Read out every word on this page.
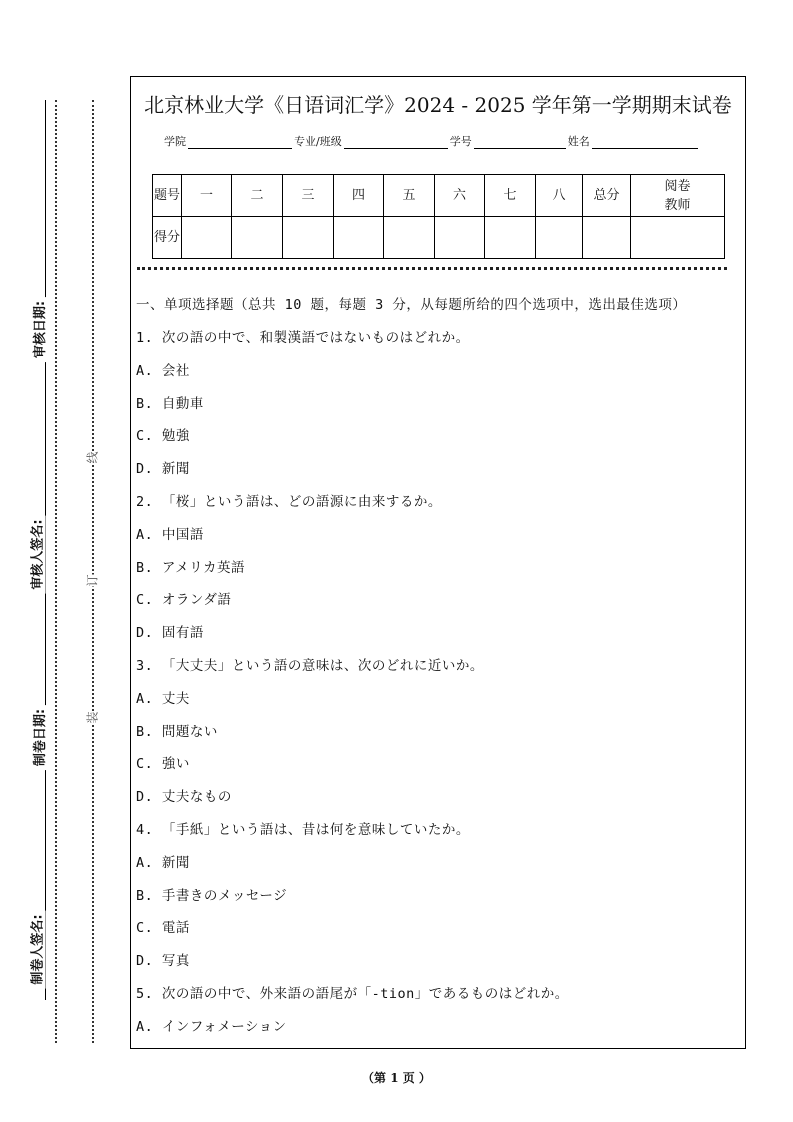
审核日期:
审核人签名:
制卷日期:
制卷人签名:
线
订
装
北京林业大学《日语词汇学》2024 - 2025 学年第一学期期末试卷
学院	专业/班级	学号	姓名
题号	一	二	三	四	五	六	七	八	总分	阅卷教师
得分										
一、单项选择题（总共 10 题，每题 3 分，从每题所给的四个选项中，选出最佳选项）
1. 次の語の中で、和製漢語ではないものはどれか。
A. 会社
B. 自動車
C. 勉強
D. 新聞
2. 「桜」という語は、どの語源に由来するか。
A. 中国語
B. アメリカ英語
C. オランダ語
D. 固有語
3. 「大丈夫」という語の意味は、次のどれに近いか。
A. 丈夫
B. 問題ない
C. 強い
D. 丈夫なもの
4. 「手紙」という語は、昔は何を意味していたか。
A. 新聞
B. 手書きのメッセージ
C. 電話
D. 写真
5. 次の語の中で、外来語の語尾が「-tion」であるものはどれか。
A. インフォメーション
（第 1 页 ）
